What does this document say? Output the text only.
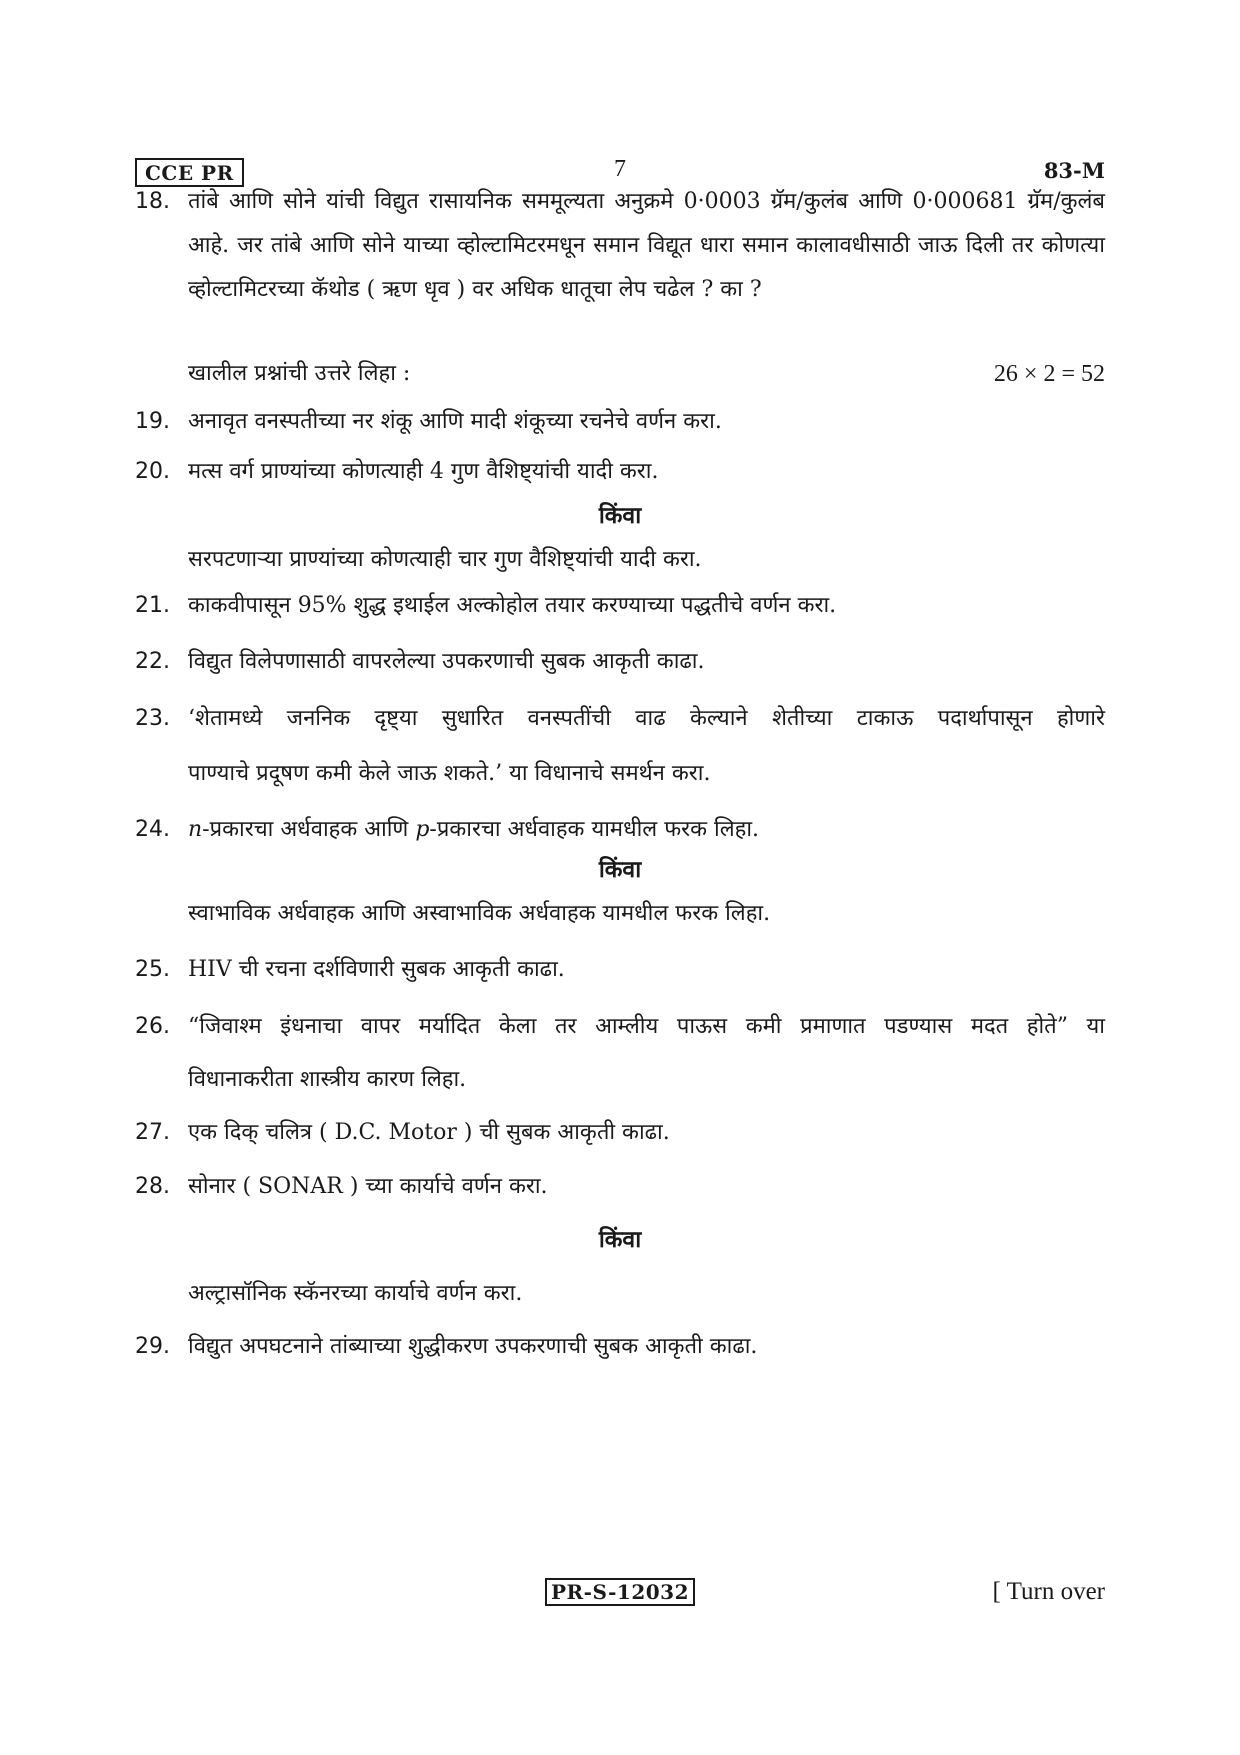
CCE PR	7	83-M
18. तांबे आणि सोने यांची विद्युत रासायनिक सममूल्यता अनुक्रमे 0·0003 ग्रॅम/कुलंब आणि 0·000681 ग्रॅम/कुलंब आहे. जर तांबे आणि सोने याच्या व्होल्टामिटरमधून समान विद्यूत धारा समान कालावधीसाठी जाऊ दिली तर कोणत्या व्होल्टामिटरच्या कॅथोड ( ऋण धृव ) वर अधिक धातूचा लेप चढेल ? का ?
खालील प्रश्नांची उत्तरे लिहा :	26 × 2 = 52
19. अनावृत वनस्पतीच्या नर शंकू आणि मादी शंकूच्या रचनेचे वर्णन करा.
20. मत्स वर्ग प्राण्यांच्या कोणत्याही 4 गुण वैशिष्ट्यांची यादी करा.
किंवा
सरपटणाऱ्या प्राण्यांच्या कोणत्याही चार गुण वैशिष्ट्यांची यादी करा.
21. काकवीपासून 95% शुद्ध इथाईल अल्कोहोल तयार करण्याच्या पद्धतीचे वर्णन करा.
22. विद्युत विलेपणासाठी वापरलेल्या उपकरणाची सुबक आकृती काढा.
23. ‘शेतामध्ये जननिक दृष्ट्या सुधारित वनस्पतींची वाढ केल्याने शेतीच्या टाकाऊ पदार्थापासून होणारे
पाण्याचे प्रदूषण कमी केले जाऊ शकते.’ या विधानाचे समर्थन करा.
24. n-प्रकारचा अर्धवाहक आणि p-प्रकारचा अर्धवाहक यामधील फरक लिहा.
किंवा
स्वाभाविक अर्धवाहक आणि अस्वाभाविक अर्धवाहक यामधील फरक लिहा.
25. HIV ची रचना दर्शविणारी सुबक आकृती काढा.
26. “जिवाश्म इंधनाचा वापर मर्यादित केला तर आम्लीय पाऊस कमी प्रमाणात पडण्यास मदत होते” या
विधानाकरीता शास्त्रीय कारण लिहा.
27. एक दिक् चलित्र ( D.C. Motor ) ची सुबक आकृती काढा.
28. सोनार ( SONAR ) च्या कार्याचे वर्णन करा.
किंवा
अल्ट्रासॉनिक स्कॅनरच्या कार्याचे वर्णन करा.
29. विद्युत अपघटनाने तांब्याच्या शुद्धीकरण उपकरणाची सुबक आकृती काढा.
PR-S-12032	[ Turn over
